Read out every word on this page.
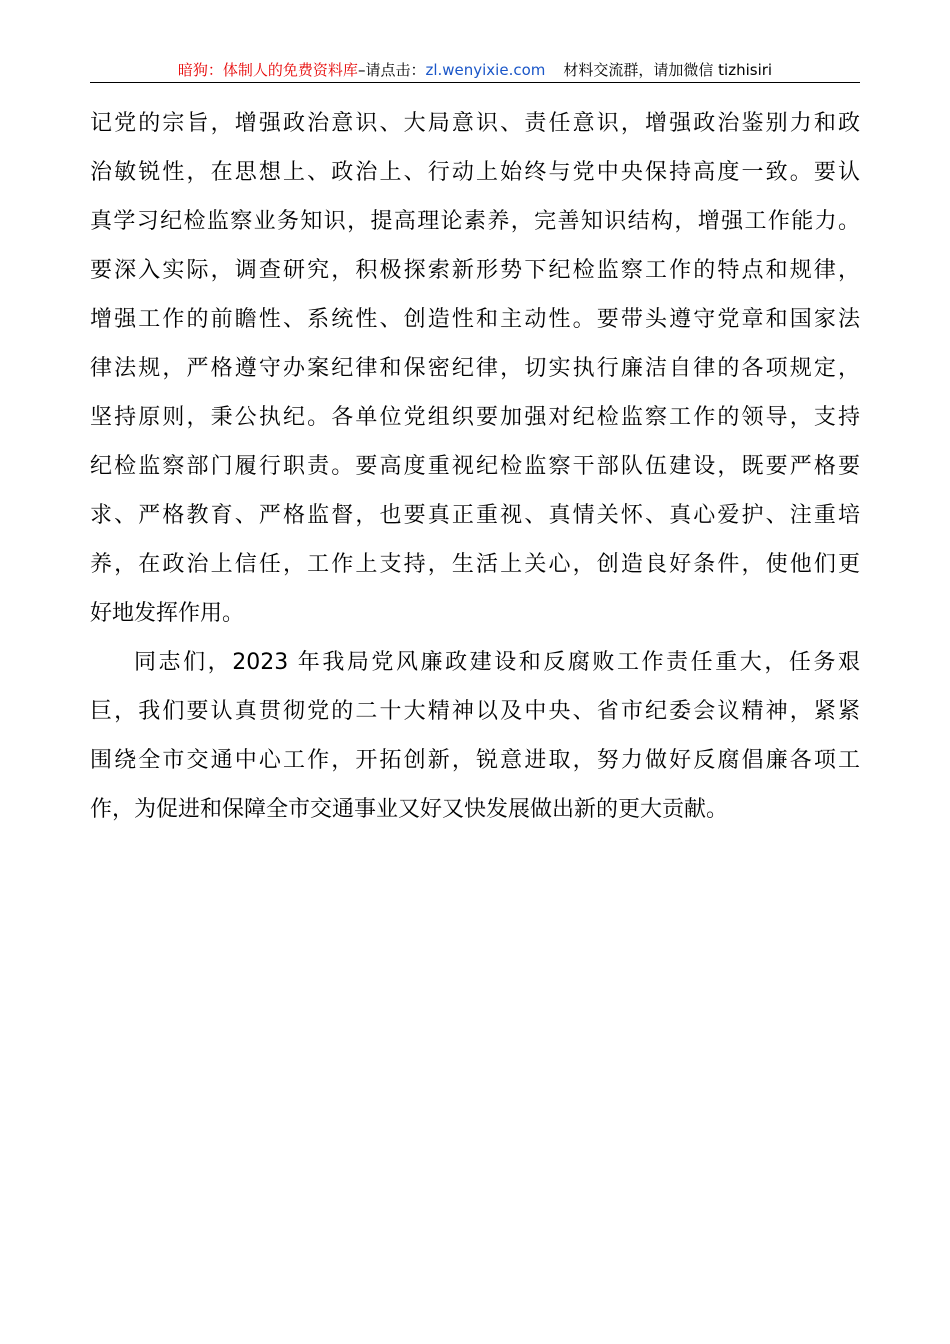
暗狗：体制人的免费资料库–请点击：zl.wenyixie.com 材料交流群，请加微信 tizhisiri
记党的宗旨，增强政治意识、大局意识、责任意识，增强政治鉴别力和政
治敏锐性，在思想上、政治上、行动上始终与党中央保持高度一致。要认
真学习纪检监察业务知识，提高理论素养，完善知识结构，增强工作能力。
要深入实际，调查研究，积极探索新形势下纪检监察工作的特点和规律，
增强工作的前瞻性、系统性、创造性和主动性。要带头遵守党章和国家法
律法规，严格遵守办案纪律和保密纪律，切实执行廉洁自律的各项规定，
坚持原则，秉公执纪。各单位党组织要加强对纪检监察工作的领导，支持
纪检监察部门履行职责。要高度重视纪检监察干部队伍建设，既要严格要
求、严格教育、严格监督，也要真正重视、真情关怀、真心爱护、注重培
养，在政治上信任，工作上支持，生活上关心，创造良好条件，使他们更
好地发挥作用。
同志们，2023 年我局党风廉政建设和反腐败工作责任重大，任务艰
巨，我们要认真贯彻党的二十大精神以及中央、省市纪委会议精神，紧紧
围绕全市交通中心工作，开拓创新，锐意进取，努力做好反腐倡廉各项工
作，为促进和保障全市交通事业又好又快发展做出新的更大贡献。
